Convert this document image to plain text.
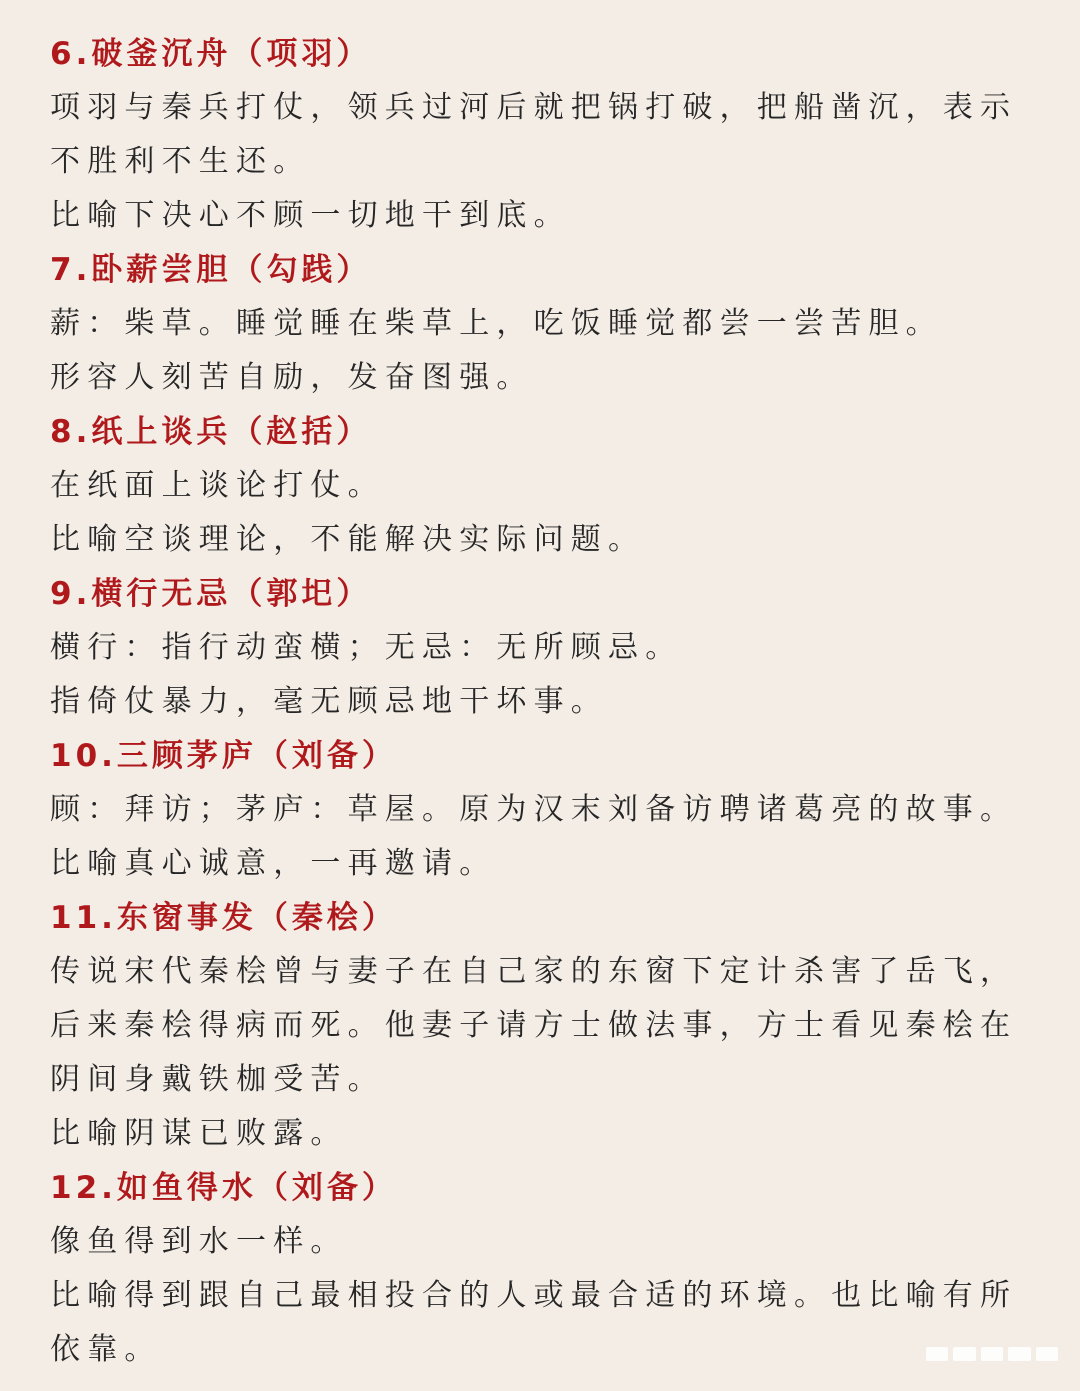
6.破釜沉舟（项羽）

项羽与秦兵打仗，领兵过河后就把锅打破，把船凿沉，表示不胜利不生还。

比喻下决心不顾一切地干到底。

7.卧薪尝胆（勾践）

薪：柴草。睡觉睡在柴草上，吃饭睡觉都尝一尝苦胆。

形容人刻苦自励，发奋图强。

8.纸上谈兵（赵括）

在纸面上谈论打仗。

比喻空谈理论，不能解决实际问题。

9.横行无忌（郭圯）

横行：指行动蛮横；无忌：无所顾忌。

指倚仗暴力，毫无顾忌地干坏事。

10.三顾茅庐（刘备）

顾：拜访；茅庐：草屋。原为汉末刘备访聘诸葛亮的故事。

比喻真心诚意，一再邀请。

11.东窗事发（秦桧）

传说宋代秦桧曾与妻子在自己家的东窗下定计杀害了岳飞，后来秦桧得病而死。他妻子请方士做法事，方士看见秦桧在阴间身戴铁枷受苦。

比喻阴谋已败露。

12.如鱼得水（刘备）

像鱼得到水一样。

比喻得到跟自己最相投合的人或最合适的环境。也比喻有所依靠。
